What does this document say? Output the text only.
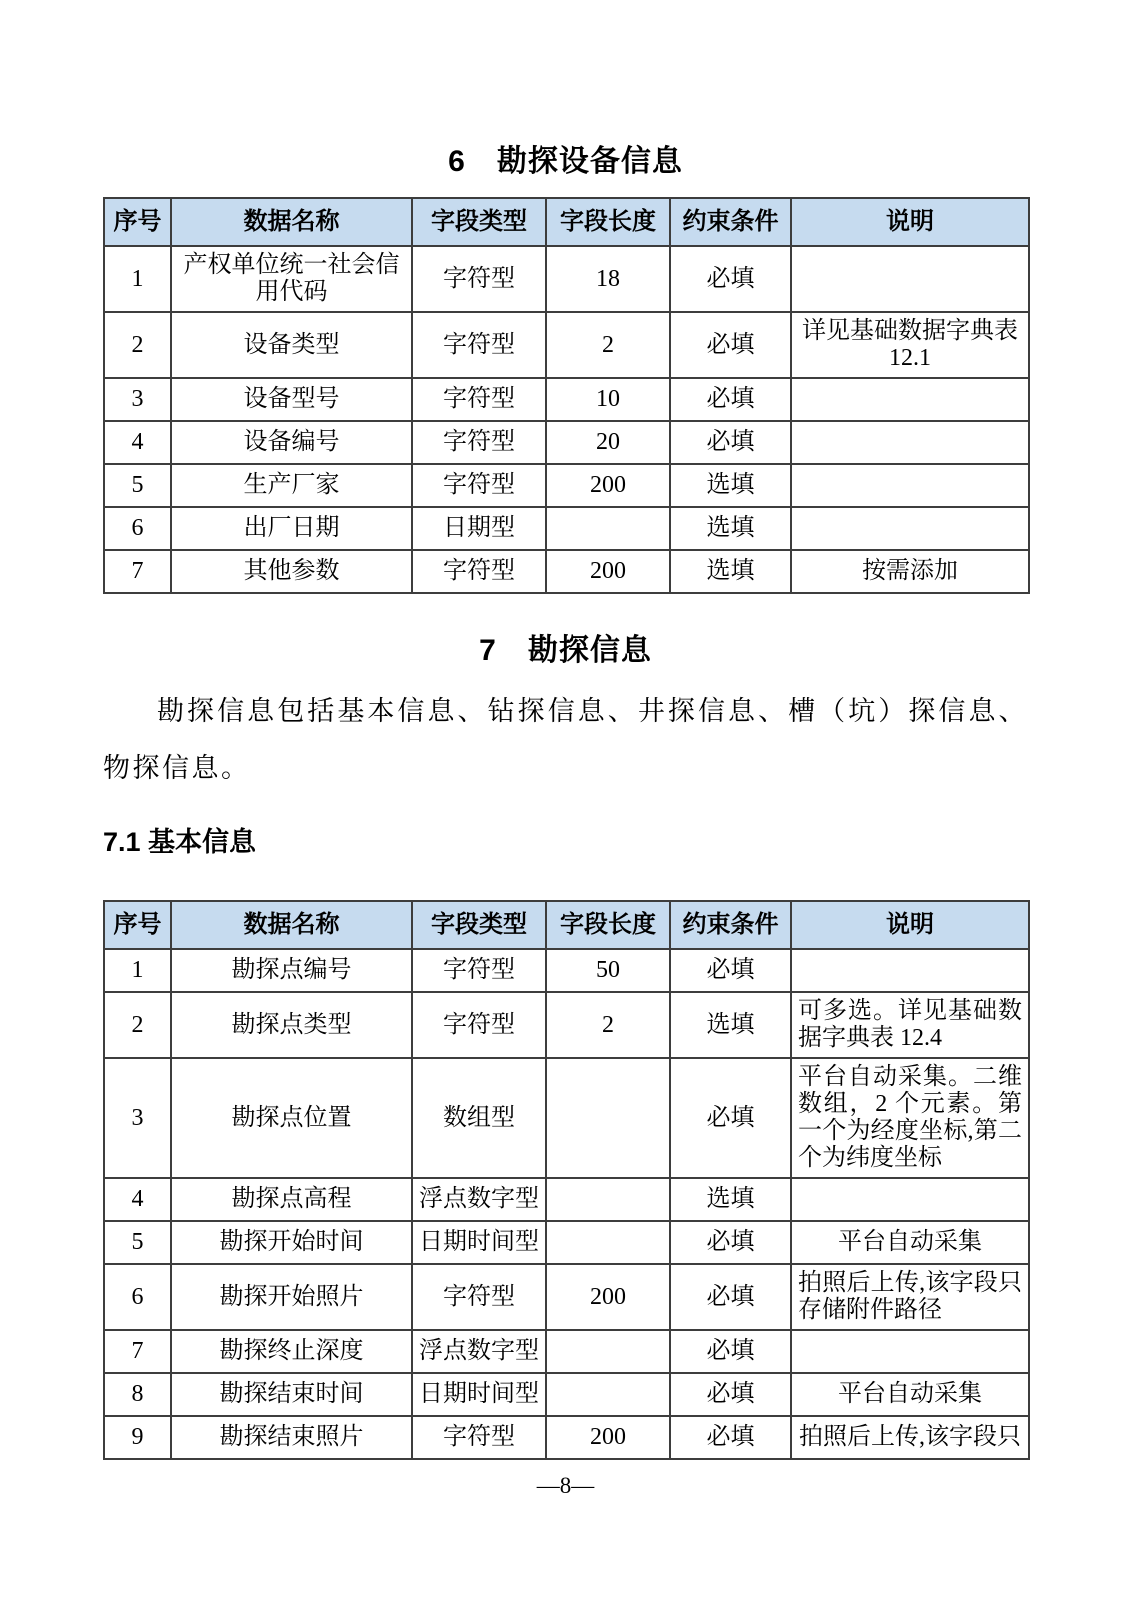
6　勘探设备信息
序号	数据名称	字段类型	字段长度	约束条件	说明
1	产权单位统一社会信用代码	字符型	18	必填	
2	设备类型	字符型	2	必填	详见基础数据字典表 12.1
3	设备型号	字符型	10	必填	
4	设备编号	字符型	20	必填	
5	生产厂家	字符型	200	选填	
6	出厂日期	日期型		选填	
7	其他参数	字符型	200	选填	按需添加
7　勘探信息

勘探信息包括基本信息、钻探信息、井探信息、槽（坑）探信息、物探信息。

7.1 基本信息
序号	数据名称	字段类型	字段长度	约束条件	说明
1	勘探点编号	字符型	50	必填	
2	勘探点类型	字符型	2	选填	可多选。详见基础数据字典表 12.4
3	勘探点位置	数组型		必填	平台自动采集。二维数组，2 个元素。第一个为经度坐标,第二个为纬度坐标
4	勘探点高程	浮点数字型		选填	
5	勘探开始时间	日期时间型		必填	平台自动采集
6	勘探开始照片	字符型	200	必填	拍照后上传,该字段只存储附件路径
7	勘探终止深度	浮点数字型		必填	
8	勘探结束时间	日期时间型		必填	平台自动采集
9	勘探结束照片	字符型	200	必填	拍照后上传,该字段只
—8—
